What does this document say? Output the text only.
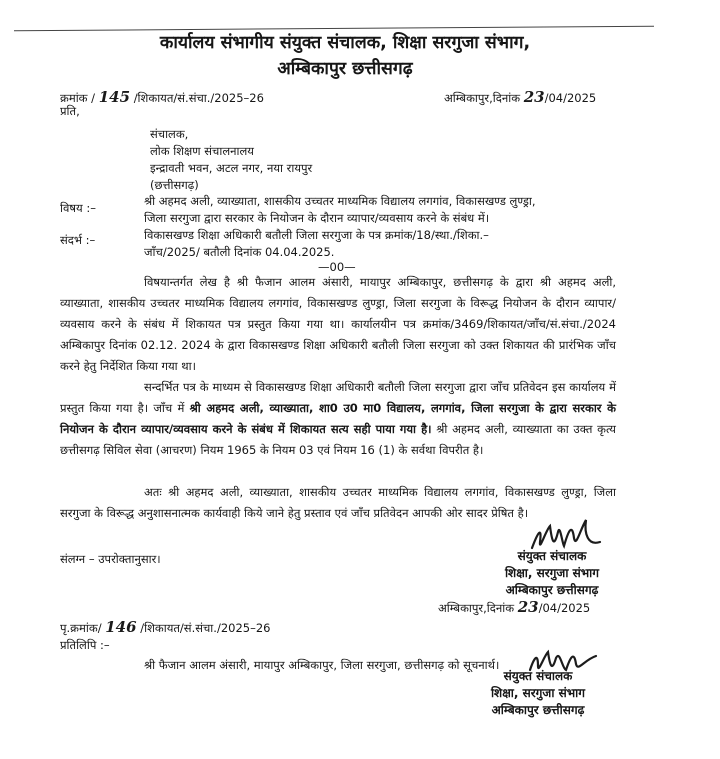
कार्यालय संभागीय संयुक्त संचालक, शिक्षा सरगुजा संभाग,
अम्बिकापुर छत्तीसगढ़
क्रमांक / 145 /शिकायत/सं.संचा./2025–26	अम्बिकापुर,दिनांक 23/04/2025
प्रति,
संचालक,
लोक शिक्षण संचालनालय
इन्द्रावती भवन, अटल नगर, नया रायपुर
(छत्तीसगढ़)
विषय :–	श्री अहमद अली, व्याख्याता, शासकीय उच्चतर माध्यमिक विद्यालय लगगांव, विकासखण्ड लुण्ड्रा,
जिला सरगुजा द्वारा सरकार के नियोजन के दौरान व्यापार/व्यवसाय करने के संबंध में।
संदर्भ :–	विकासखण्ड शिक्षा अधिकारी बतौली जिला सरगुजा के पत्र क्रमांक/18/स्था./शिका.–
जाँच/2025/ बतौली दिनांक 04.04.2025.
—00—
विषयान्तर्गत लेख है श्री फैजान आलम अंसारी, मायापुर अम्बिकापुर, छत्तीसगढ़ के द्वारा श्री अहमद अली, व्याख्याता, शासकीय उच्चतर माध्यमिक विद्यालय लगगांव, विकासखण्ड लुण्ड्रा, जिला सरगुजा के विरूद्ध नियोजन के दौरान व्यापार/व्यवसाय करने के संबंध में शिकायत पत्र प्रस्तुत किया गया था। कार्यालयीन पत्र क्रमांक/3469/शिकायत/जाँच/सं.संचा./2024 अम्बिकापुर दिनांक 02.12. 2024 के द्वारा विकासखण्ड शिक्षा अधिकारी बतौली जिला सरगुजा को उक्त शिकायत की प्रारंभिक जाँच करने हेतु निर्देशित किया गया था।
सन्दर्भित पत्र के माध्यम से विकासखण्ड शिक्षा अधिकारी बतौली जिला सरगुजा द्वारा जाँच प्रतिवेदन इस कार्यालय में प्रस्तुत किया गया है। जाँच में श्री अहमद अली, व्याख्याता, शा0 उ0 मा0 विद्यालय, लगगांव, जिला सरगुजा के द्वारा सरकार के नियोजन के दौरान व्यापार/व्यवसाय करने के संबंध में शिकायत सत्य सही पाया गया है। श्री अहमद अली, व्याख्याता का उक्त कृत्य छत्तीसगढ़ सिविल सेवा (आचरण) नियम 1965 के नियम 03 एवं नियम 16 (1) के सर्वथा विपरीत है।
अतः श्री अहमद अली, व्याख्याता, शासकीय उच्चतर माध्यमिक विद्यालय लगगांव, विकासखण्ड लुण्ड्रा, जिला सरगुजा के विरूद्ध अनुशासनात्मक कार्यवाही किये जाने हेतु प्रस्ताव एवं जाँच प्रतिवेदन आपकी ओर सादर प्रेषित है।
संलग्न – उपरोक्तानुसार।	संयुक्त संचालक
शिक्षा, सरगुजा संभाग
अम्बिकापुर छत्तीसगढ़
अम्बिकापुर,दिनांक 23/04/2025
पृ.क्रमांक/ 146 /शिकायत/सं.संचा./2025–26
प्रतिलिपि :–
श्री फैजान आलम अंसारी, मायापुर अम्बिकापुर, जिला सरगुजा, छत्तीसगढ़ को सूचनार्थ।
संयुक्त संचालक
शिक्षा, सरगुजा संभाग
अम्बिकापुर छत्तीसगढ़
